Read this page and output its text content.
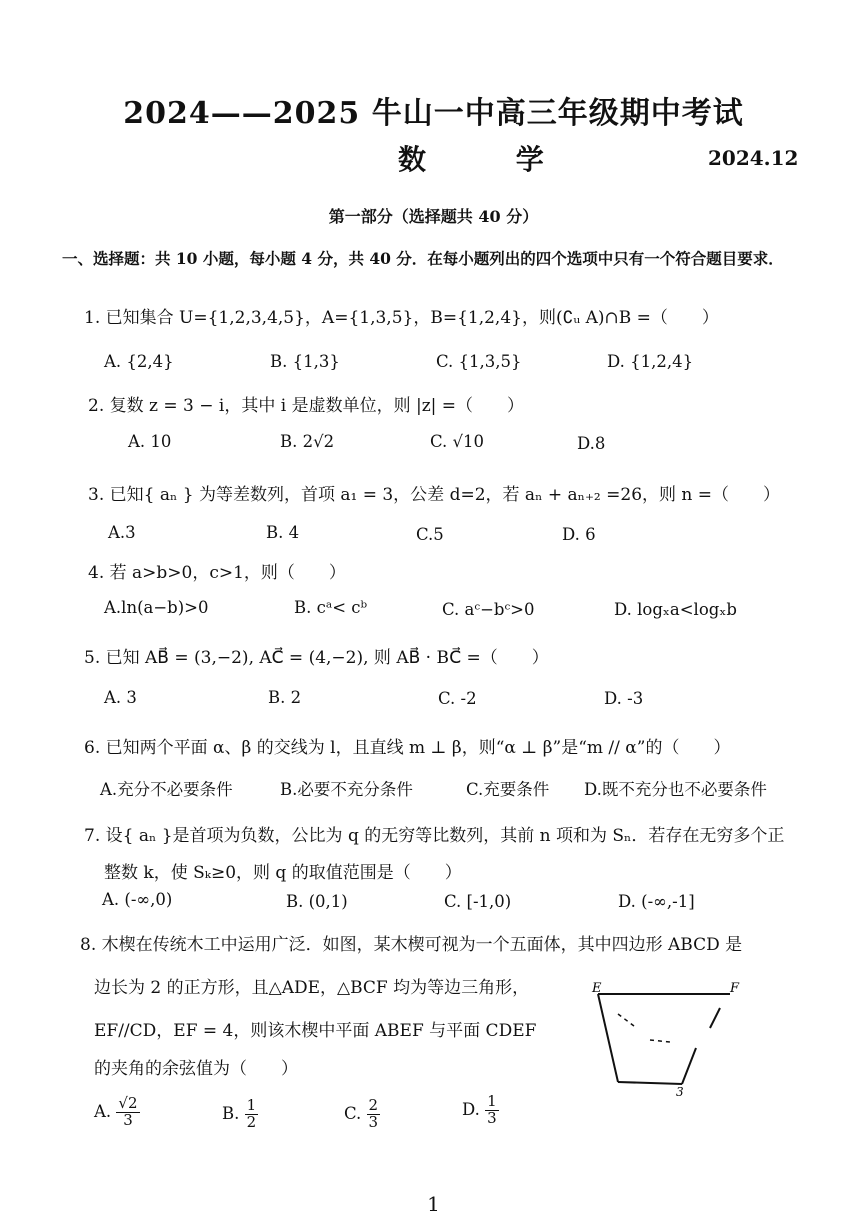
2024——2025 牛山一中高三年级期中考试
数 学	2024.12
第一部分（选择题共 40 分）
一、选择题：共 10 小题，每小题 4 分，共 40 分．在每小题列出的四个选项中只有一个符合题目要求．
1. 已知集合 U={1,2,3,4,5}，A={1,3,5}，B={1,2,4}，则(∁ᵤ A)∩B =（　　）
A. {2,4}	B. {1,3}	C. {1,3,5}	D. {1,2,4}
2. 复数 z = 3 − i，其中 i 是虚数单位，则 |z| =（　　）
A. 10	B. 2√2	C. √10	D.8
3. 已知{ aₙ } 为等差数列，首项 a₁ = 3，公差 d=2，若 aₙ + aₙ₊₂ =26，则 n =（　　）
A.3	B. 4	C.5	D. 6
4. 若 a>b>0，c>1，则（　　）
A.ln(a−b)>0	B. cᵃ< cᵇ	C. aᶜ−bᶜ>0	D. logₓa<logₓb
5. 已知 AB⃗ = (3,−2), AC⃗ = (4,−2), 则 AB⃗ · BC⃗ =（　　）
A. 3	B. 2	C. -2	D. -3
6. 已知两个平面 α、β 的交线为 l，且直线 m ⊥ β，则“α ⊥ β”是“m // α”的（　　）
A.充分不必要条件	B.必要不充分条件	C.充要条件 D.既不充分也不必要条件
7. 设{ aₙ }是首项为负数，公比为 q 的无穷等比数列，其前 n 项和为 Sₙ．若存在无穷多个正
整数 k，使 Sₖ≥0，则 q 的取值范围是（　　）
A. (-∞,0)	B. (0,1)	C. [-1,0)	D. (-∞,-1]
8. 木楔在传统木工中运用广泛．如图，某木楔可视为一个五面体，其中四边形 ABCD 是
边长为 2 的正方形，且△ADE，△BCF 均为等边三角形，
EF//CD，EF = 4，则该木楔中平面 ABEF 与平面 CDEF
的夹角的余弦值为（　　）
A. $\frac{√2}{3}$	B. $\frac{1}{2}$	C. $\frac{2}{3}$	D. $\frac{1}{3}$
E	F
3
1
